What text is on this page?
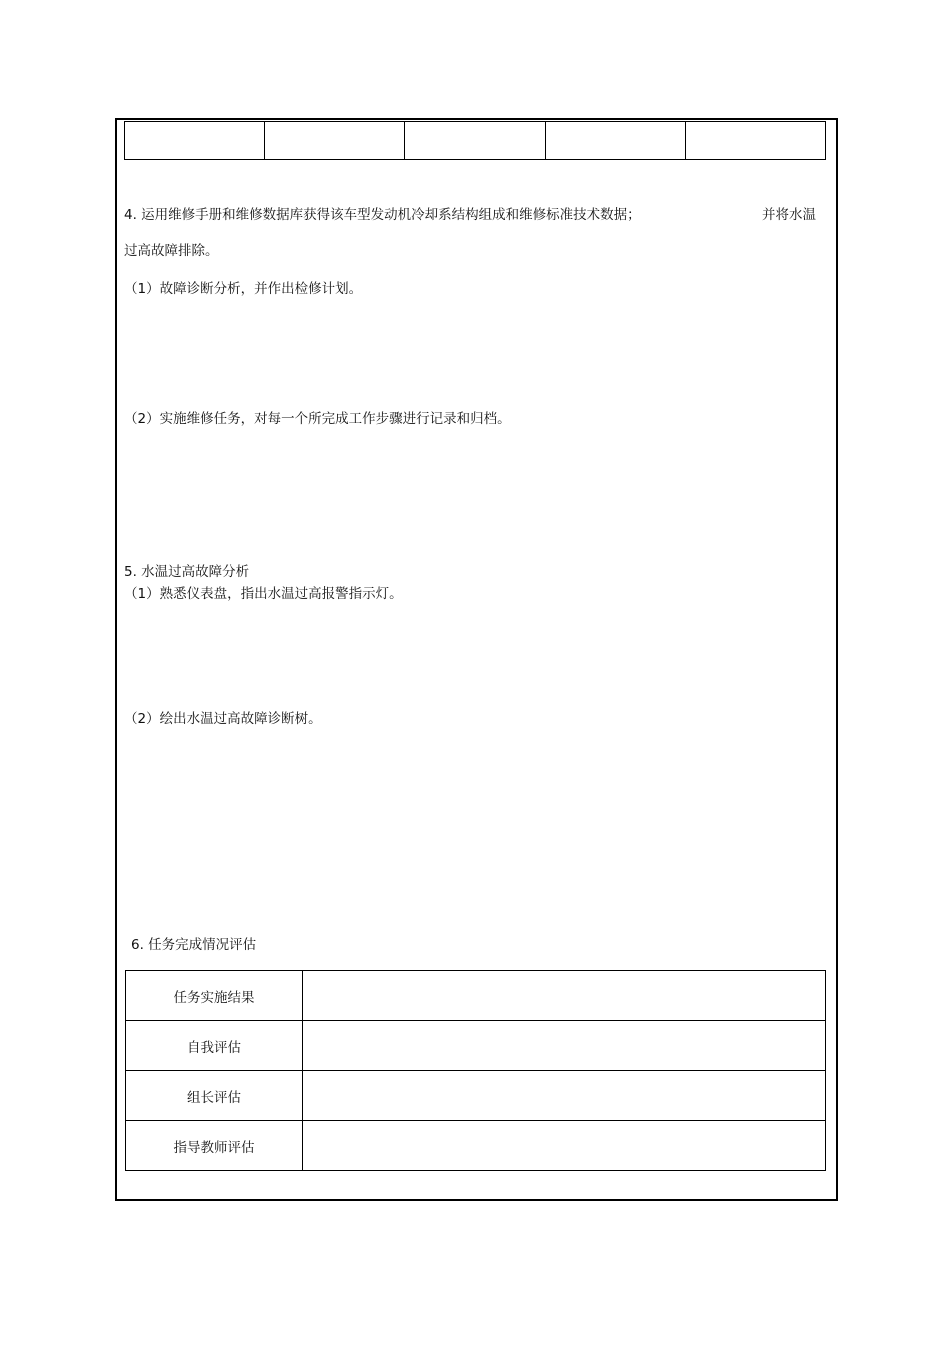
4. 运用维修手册和维修数据库获得该车型发动机冷却系结构组成和维修标准技术数据；	并将水温
过高故障排除。
（1）故障诊断分析，并作出检修计划。
（2）实施维修任务，对每一个所完成工作步骤进行记录和归档。
5. 水温过高故障分析
（1）熟悉仪表盘，指出水温过高报警指示灯。
（2）绘出水温过高故障诊断树。
6. 任务完成情况评估
任务实施结果	
自我评估	
组长评估	
指导教师评估	
